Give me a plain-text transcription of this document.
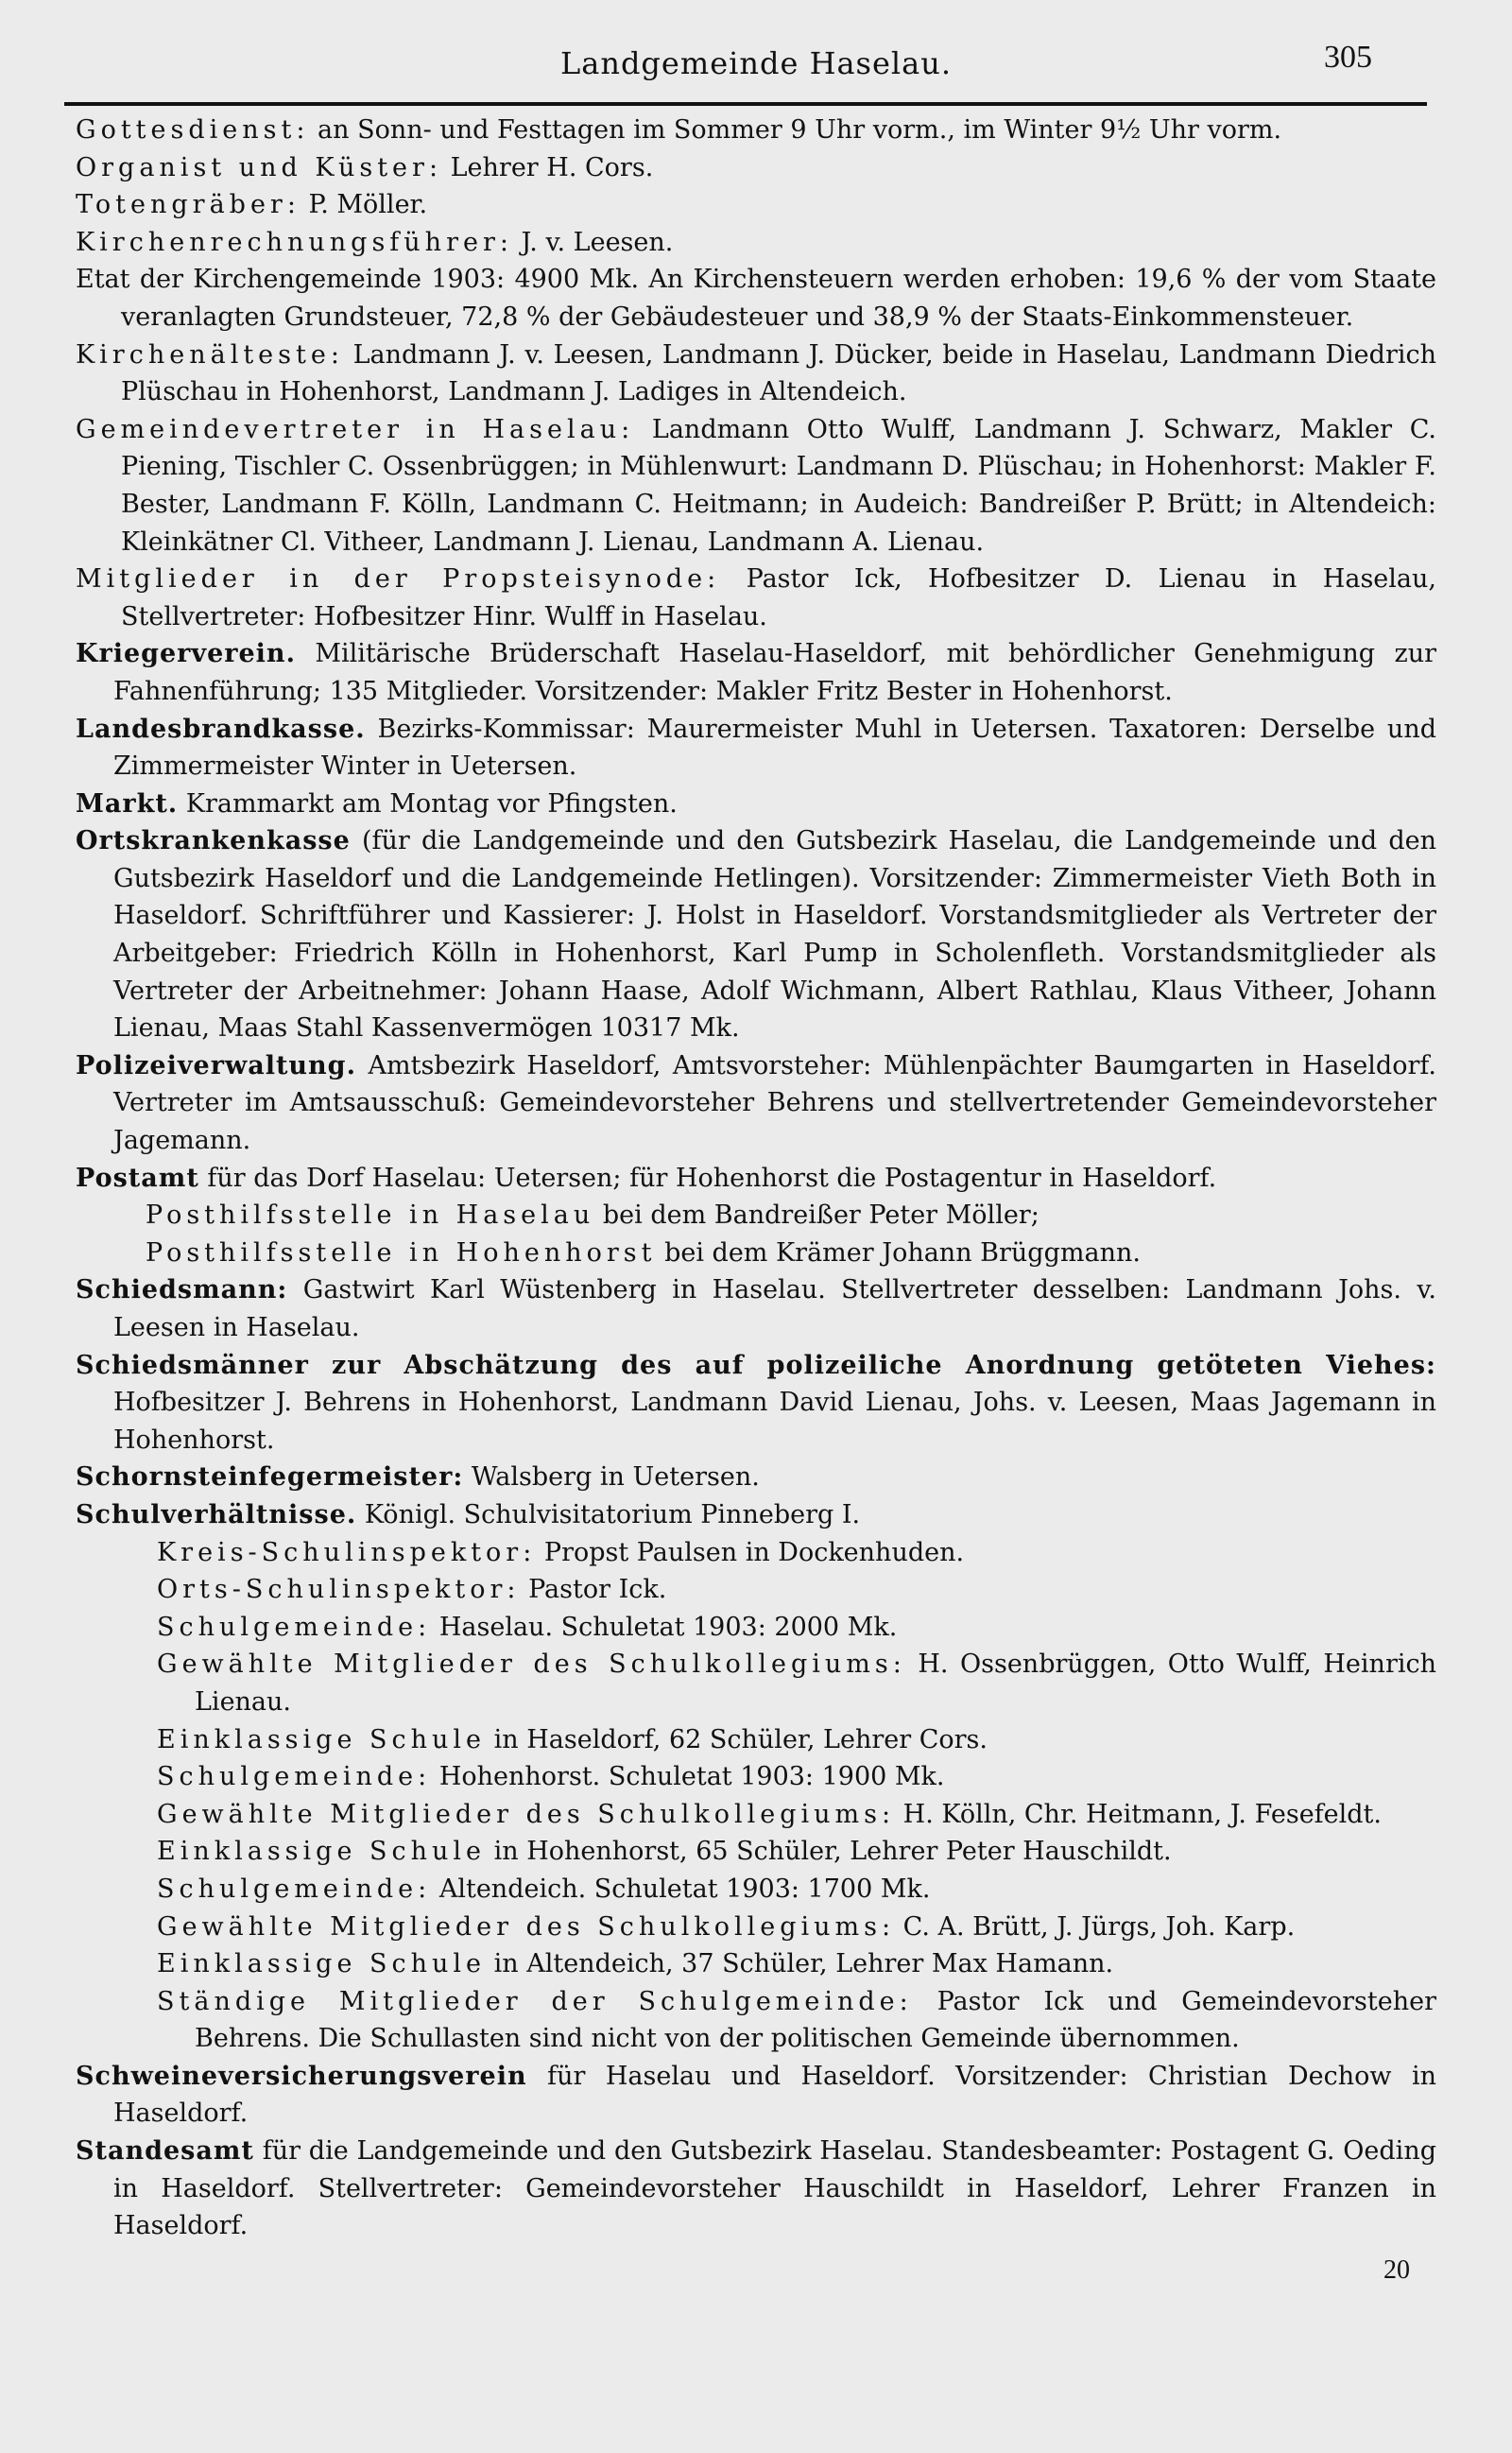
Landgemeinde Haselau.	305

Gottesdienst: an Sonn- und Festtagen im Sommer 9 Uhr vorm., im Winter 9½ Uhr vorm.

Organist und Küster: Lehrer H. Cors.

Totengräber: P. Möller.

Kirchenrechnungsführer: J. v. Leesen.

Etat der Kirchengemeinde 1903: 4900 Mk. An Kirchensteuern werden erhoben: 19,6 % der vom Staate veranlagten Grundsteuer, 72,8 % der Gebäudesteuer und 38,9 % der Staats-Einkommensteuer.

Kirchenälteste: Landmann J. v. Leesen, Landmann J. Dücker, beide in Haselau, Landmann Diedrich Plüschau in Hohenhorst, Landmann J. Ladiges in Altendeich.

Gemeindevertreter in Haselau: Landmann Otto Wulff, Landmann J. Schwarz, Makler C. Piening, Tischler C. Ossenbrüggen; in Mühlenwurt: Landmann D. Plüschau; in Hohenhorst: Makler F. Bester, Landmann F. Kölln, Landmann C. Heitmann; in Audeich: Bandreißer P. Brütt; in Altendeich: Kleinkätner Cl. Vitheer, Landmann J. Lienau, Landmann A. Lienau.

Mitglieder in der Propsteisynode: Pastor Ick, Hofbesitzer D. Lienau in Haselau, Stellvertreter: Hofbesitzer Hinr. Wulff in Haselau.

Kriegerverein. Militärische Brüderschaft Haselau-Haseldorf, mit behördlicher Genehmigung zur Fahnenführung; 135 Mitglieder. Vorsitzender: Makler Fritz Bester in Hohenhorst.

Landesbrandkasse. Bezirks-Kommissar: Maurermeister Muhl in Uetersen. Taxatoren: Derselbe und Zimmermeister Winter in Uetersen.

Markt. Krammarkt am Montag vor Pfingsten.

Ortskrankenkasse (für die Landgemeinde und den Gutsbezirk Haselau, die Landgemeinde und den Gutsbezirk Haseldorf und die Landgemeinde Hetlingen). Vorsitzender: Zimmermeister Vieth Both in Haseldorf. Schriftführer und Kassierer: J. Holst in Haseldorf. Vorstandsmitglieder als Vertreter der Arbeitgeber: Friedrich Kölln in Hohenhorst, Karl Pump in Scholenfleth. Vorstandsmitglieder als Vertreter der Arbeitnehmer: Johann Haase, Adolf Wichmann, Albert Rathlau, Klaus Vitheer, Johann Lienau, Maas Stahl Kassenvermögen 10317 Mk.

Polizeiverwaltung. Amtsbezirk Haseldorf, Amtsvorsteher: Mühlenpächter Baumgarten in Haseldorf. Vertreter im Amtsausschuß: Gemeindevorsteher Behrens und stellvertretender Gemeindevorsteher Jagemann.

Postamt für das Dorf Haselau: Uetersen; für Hohenhorst die Postagentur in Haseldorf.

Posthilfsstelle in Haselau bei dem Bandreißer Peter Möller;

Posthilfsstelle in Hohenhorst bei dem Krämer Johann Brüggmann.

Schiedsmann: Gastwirt Karl Wüstenberg in Haselau. Stellvertreter desselben: Landmann Johs. v. Leesen in Haselau.

Schiedsmänner zur Abschätzung des auf polizeiliche Anordnung getöteten Viehes: Hofbesitzer J. Behrens in Hohenhorst, Landmann David Lienau, Johs. v. Leesen, Maas Jagemann in Hohenhorst.

Schornsteinfegermeister: Walsberg in Uetersen.

Schulverhältnisse. Königl. Schulvisitatorium Pinneberg I.

Kreis-Schulinspektor: Propst Paulsen in Dockenhuden.

Orts-Schulinspektor: Pastor Ick.

Schulgemeinde: Haselau. Schuletat 1903: 2000 Mk.

Gewählte Mitglieder des Schulkollegiums: H. Ossenbrüggen, Otto Wulff, Heinrich Lienau.

Einklassige Schule in Haseldorf, 62 Schüler, Lehrer Cors.

Schulgemeinde: Hohenhorst. Schuletat 1903: 1900 Mk.

Gewählte Mitglieder des Schulkollegiums: H. Kölln, Chr. Heitmann, J. Fesefeldt.

Einklassige Schule in Hohenhorst, 65 Schüler, Lehrer Peter Hauschildt.

Schulgemeinde: Altendeich. Schuletat 1903: 1700 Mk.

Gewählte Mitglieder des Schulkollegiums: C. A. Brütt, J. Jürgs, Joh. Karp.

Einklassige Schule in Altendeich, 37 Schüler, Lehrer Max Hamann.

Ständige Mitglieder der Schulgemeinde: Pastor Ick und Gemeindevorsteher Behrens. Die Schullasten sind nicht von der politischen Gemeinde übernommen.

Schweineversicherungsverein für Haselau und Haseldorf. Vorsitzender: Christian Dechow in Haseldorf.

Standesamt für die Landgemeinde und den Gutsbezirk Haselau. Standesbeamter: Postagent G. Oeding in Haseldorf. Stellvertreter: Gemeindevorsteher Hauschildt in Haseldorf, Lehrer Franzen in Haseldorf.

20
